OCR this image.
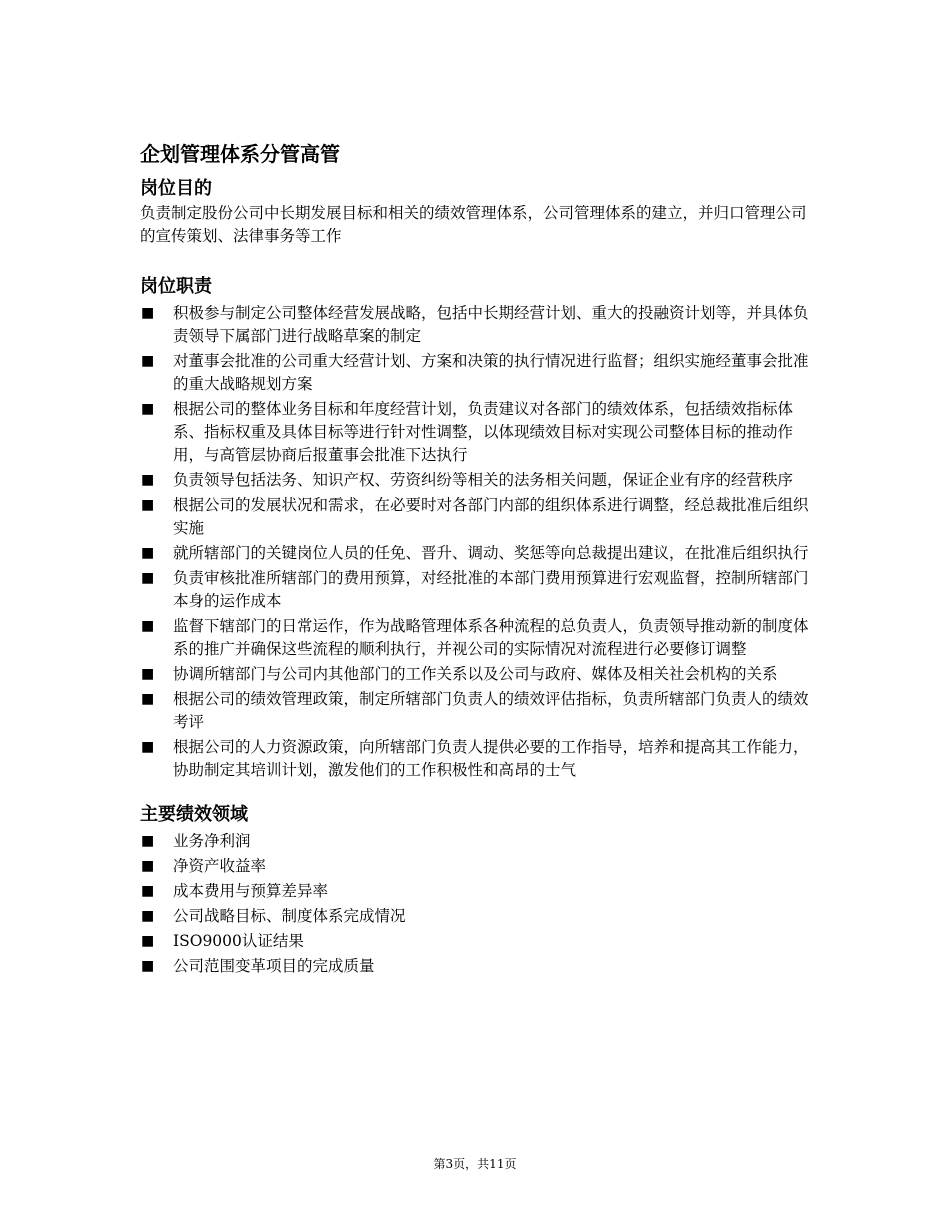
企划管理体系分管高管
岗位目的

负责制定股份公司中长期发展目标和相关的绩效管理体系，公司管理体系的建立，并归口管理公司的宣传策划、法律事务等工作

岗位职责
■ 积极参与制定公司整体经营发展战略，包括中长期经营计划、重大的投融资计划等，并具体负责领导下属部门进行战略草案的制定
■ 对董事会批准的公司重大经营计划、方案和决策的执行情况进行监督；组织实施经董事会批准的重大战略规划方案
■ 根据公司的整体业务目标和年度经营计划，负责建议对各部门的绩效体系，包括绩效指标体系、指标权重及具体目标等进行针对性调整，以体现绩效目标对实现公司整体目标的推动作用，与高管层协商后报董事会批准下达执行
■ 负责领导包括法务、知识产权、劳资纠纷等相关的法务相关问题，保证企业有序的经营秩序
■ 根据公司的发展状况和需求，在必要时对各部门内部的组织体系进行调整，经总裁批准后组织实施
■ 就所辖部门的关键岗位人员的任免、晋升、调动、奖惩等向总裁提出建议，在批准后组织执行
■ 负责审核批准所辖部门的费用预算，对经批准的本部门费用预算进行宏观监督，控制所辖部门本身的运作成本
■ 监督下辖部门的日常运作，作为战略管理体系各种流程的总负责人，负责领导推动新的制度体系的推广并确保这些流程的顺利执行，并视公司的实际情况对流程进行必要修订调整
■ 协调所辖部门与公司内其他部门的工作关系以及公司与政府、媒体及相关社会机构的关系
■ 根据公司的绩效管理政策，制定所辖部门负责人的绩效评估指标，负责所辖部门负责人的绩效考评
■ 根据公司的人力资源政策，向所辖部门负责人提供必要的工作指导，培养和提高其工作能力，协助制定其培训计划，激发他们的工作积极性和高昂的士气
主要绩效领域
■ 业务净利润
■ 净资产收益率
■ 成本费用与预算差异率
■ 公司战略目标、制度体系完成情况
■ ISO9000认证结果
■ 公司范围变革项目的完成质量
第3页，共11页
